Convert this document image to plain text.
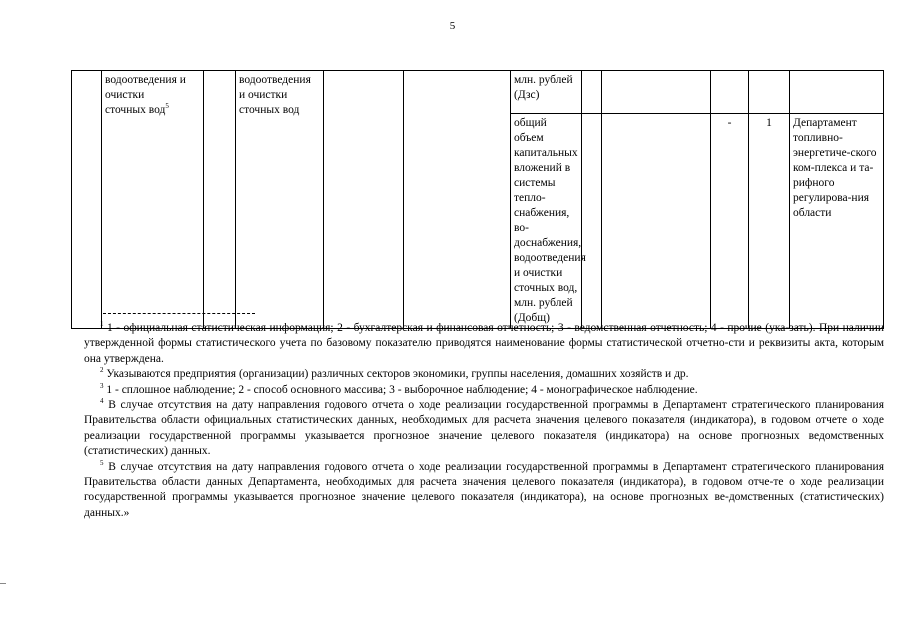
5
	водоотведения и
очистки
сточных вод$^5$		водоотведения
и очистки
сточных вод			млн. рублей (Дзс)					
						общий объем капитальных вложений в системы тепло-снабжения, во-доснабжения, водоотведения и очистки сточных вод, млн. рублей (Добщ)			-	1	Департамент топливно-энергетиче-ского ком-плекса и та-рифного регулирова-ния области

$^1$ 1 - официальная статистическая информация; 2 - бухгалтерская и финансовая отчетность; 3 - ведомственная отчетность; 4 - прочие (ука-зать). При наличии утвержденной формы статистического учета по базовому показателю приводятся наименование формы статистической отчетно-сти и реквизиты акта, которым она утверждена.

$^2$ Указываются предприятия (организации) различных секторов экономики, группы населения, домашних хозяйств и др.

$^3$ 1 - сплошное наблюдение; 2 - способ основного массива; 3 - выборочное наблюдение; 4 - монографическое наблюдение.

$^4$ В случае отсутствия на дату направления годового отчета о ходе реализации государственной программы в Департамент стратегического планирования Правительства области официальных статистических данных, необходимых для расчета значения целевого показателя (индикатора), в годовом отчете о ходе реализации государственной программы указывается прогнозное значение целевого показателя (индикатора) на основе прогнозных ведомственных (статистических) данных.

$^5$ В случае отсутствия на дату направления годового отчета о ходе реализации государственной программы в Департамент стратегического планирования Правительства области данных Департамента, необходимых для расчета значения целевого показателя (индикатора), в годовом отче-те о ходе реализации государственной программы указывается прогнозное значение целевого показателя (индикатора), на основе прогнозных ве-домственных (статистических) данных.»
